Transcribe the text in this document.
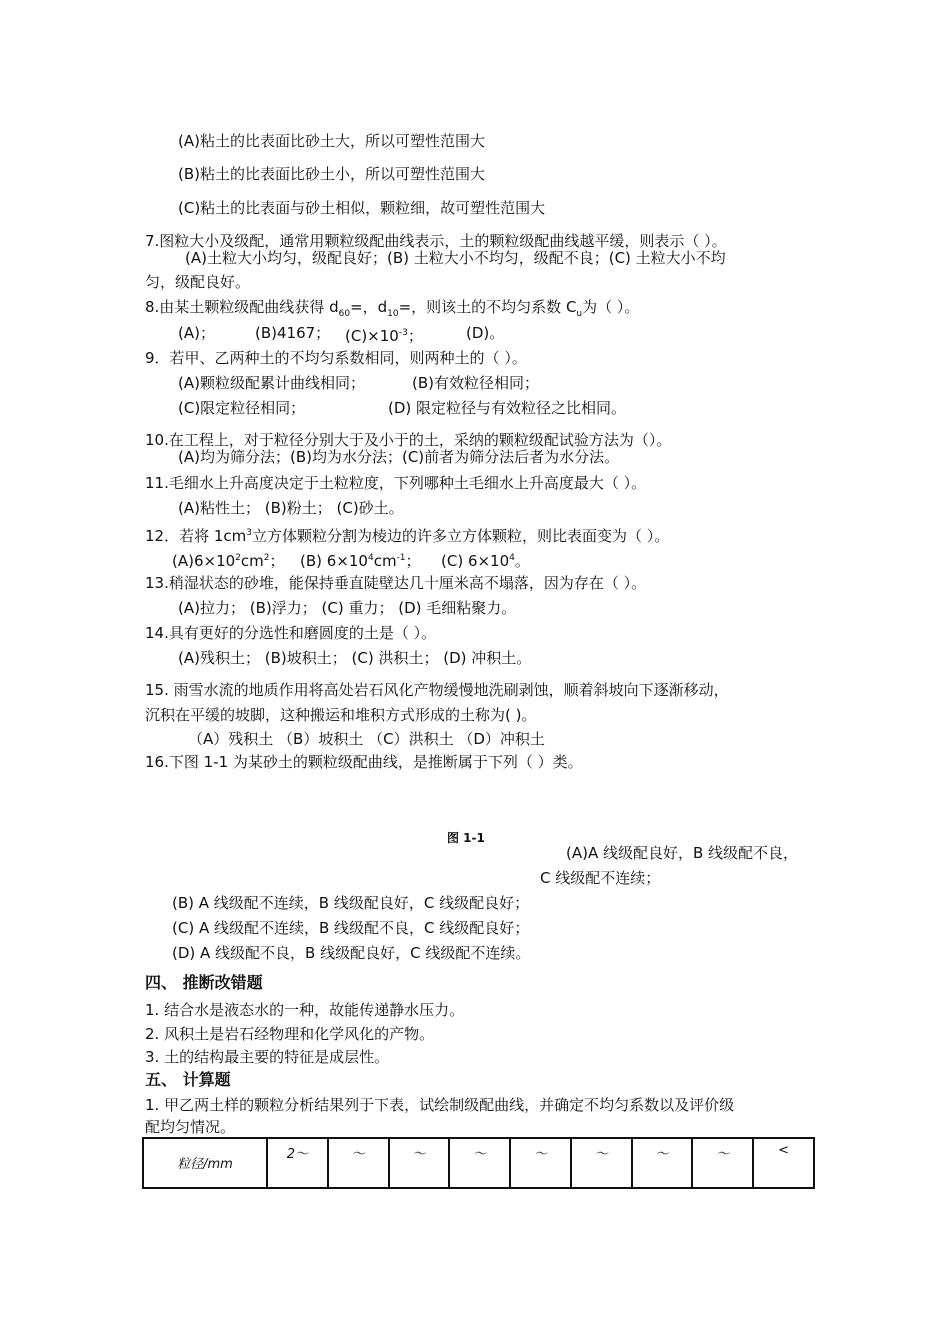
(A)粘土的比表面比砂土大，所以可塑性范围大
(B)粘土的比表面比砂土小，所以可塑性范围大
(C)粘土的比表面与砂土相似，颗粒细，故可塑性范围大
7.图粒大小及级配，通常用颗粒级配曲线表示，土的颗粒级配曲线越平缓，则表示（ ）。
(A)土粒大小均匀，级配良好；(B) 土粒大小不均匀，级配不良；(C) 土粒大小不均
匀，级配良好。
8.由某土颗粒级配曲线获得 $d_{60}=$，$d_{10}=$，则该土的不均匀系数 $C_u$为（ ）。
(A)；	(B)4167； $(C)\times 10^{-3}$；	(D)。
9．若甲、乙两种土的不均匀系数相同，则两种土的（ ）。
(A)颗粒级配累计曲线相同；	(B)有效粒径相同；
(C)限定粒径相同；	(D) 限定粒径与有效粒径之比相同。
10.在工程上，对于粒径分别大于及小于的土，采纳的颗粒级配试验方法为（）。
(A)均为筛分法；(B)均为水分法；(C)前者为筛分法后者为水分法。
11.毛细水上升高度决定于土粒粒度，下列哪种土毛细水上升高度最大（ ）。
(A)粘性土； (B)粉土； (C)砂土。
12．若将 $1cm^3$立方体颗粒分割为棱边的许多立方体颗粒，则比表面变为（ ）。
$(A)6\times 10^2cm^2$； (B) $6\times 10^4cm^{-1}$； (C) $6\times 10^4$。
13.稍湿状态的砂堆，能保持垂直陡壁达几十厘米高不塌落，因为存在（ ）。
(A)拉力； (B)浮力； (C) 重力； (D) 毛细粘聚力。
14.具有更好的分选性和磨圆度的土是（ ）。
(A)残积土； (B)坡积土； (C) 洪积土； (D) 冲积土。
15. 雨雪水流的地质作用将高处岩石风化产物缓慢地洗刷剥蚀，顺着斜坡向下逐渐移动，
沉积在平缓的坡脚，这种搬运和堆积方式形成的土称为( )。
（A）残积土 （B）坡积土 （C）洪积土 （D）冲积土
16.下图 1-1 为某砂土的颗粒级配曲线，是推断属于下列（ ）类。
图 1-1
(A)A 线级配良好，B 线级配不良，
C 线级配不连续；
(B) A 线级配不连续，B 线级配良好，C 线级配良好；
(C) A 线级配不连续，B 线级配不良，C 线级配良好；
(D) A 线级配不良，B 线级配良好，C 线级配不连续。
四、 推断改错题
1. 结合水是液态水的一种，故能传递静水压力。
2. 风积土是岩石经物理和化学风化的产物。
3. 土的结构最主要的特征是成层性。
五、 计算题
1. 甲乙两土样的颗粒分析结果列于下表，试绘制级配曲线，并确定不均匀系数以及评价级
配均匀情况。
粒径/mm	2～	～	～	～	～	～	～	～	<
